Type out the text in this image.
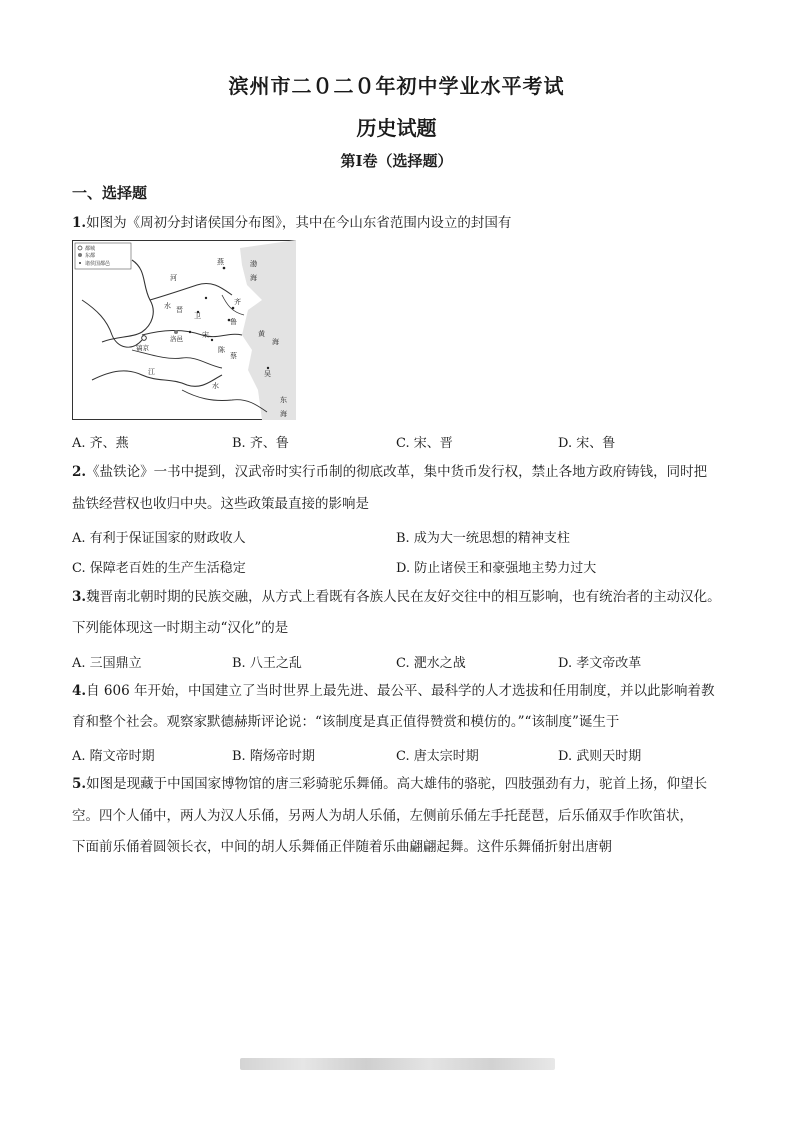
滨州市二０二０年初中学业水平考试
历史试题
第Ⅰ卷（选择题）
一、选择题
1.如图为《周初分封诸侯国分布图》，其中在今山东省范围内设立的封国有
都城
东都
诸侯国都邑	燕	渤
海
河
齐
鲁
水 晋
卫
洛邑	宋
镐京
黄
海
陈
蔡
吴
江
水
东
海
A. 齐、燕	B. 齐、鲁	C. 宋、晋	D. 宋、鲁
2.《盐铁论》一书中提到，汉武帝时实行币制的彻底改革，集中货币发行权，禁止各地方政府铸钱，同时把
盐铁经营权也收归中央。这些政策最直接的影响是
A. 有利于保证国家的财政收人	B. 成为大一统思想的精神支柱
C. 保障老百姓的生产生活稳定	D. 防止诸侯王和豪强地主势力过大
3.魏晋南北朝时期的民族交融，从方式上看既有各族人民在友好交往中的相互影响，也有统治者的主动汉化。
下列能体现这一时期主动“汉化”的是
A. 三国鼎立	B. 八王之乱	C. 淝水之战	D. 孝文帝改革
4.自 606 年开始，中国建立了当时世界上最先进、最公平、最科学的人才选拔和任用制度，并以此影响着教
育和整个社会。观察家默德赫斯评论说：“该制度是真正值得赞赏和模仿的。”“该制度”诞生于
A. 隋文帝时期	B. 隋炀帝时期	C. 唐太宗时期	D. 武则天时期
5.如图是现藏于中国国家博物馆的唐三彩骑驼乐舞俑。高大雄伟的骆驼，四肢强劲有力，驼首上扬，仰望长
空。四个人俑中，两人为汉人乐俑，另两人为胡人乐俑，左侧前乐俑左手托琵琶，后乐俑双手作吹笛状，
下面前乐俑着圆领长衣，中间的胡人乐舞俑正伴随着乐曲翩翩起舞。这件乐舞俑折射出唐朝
